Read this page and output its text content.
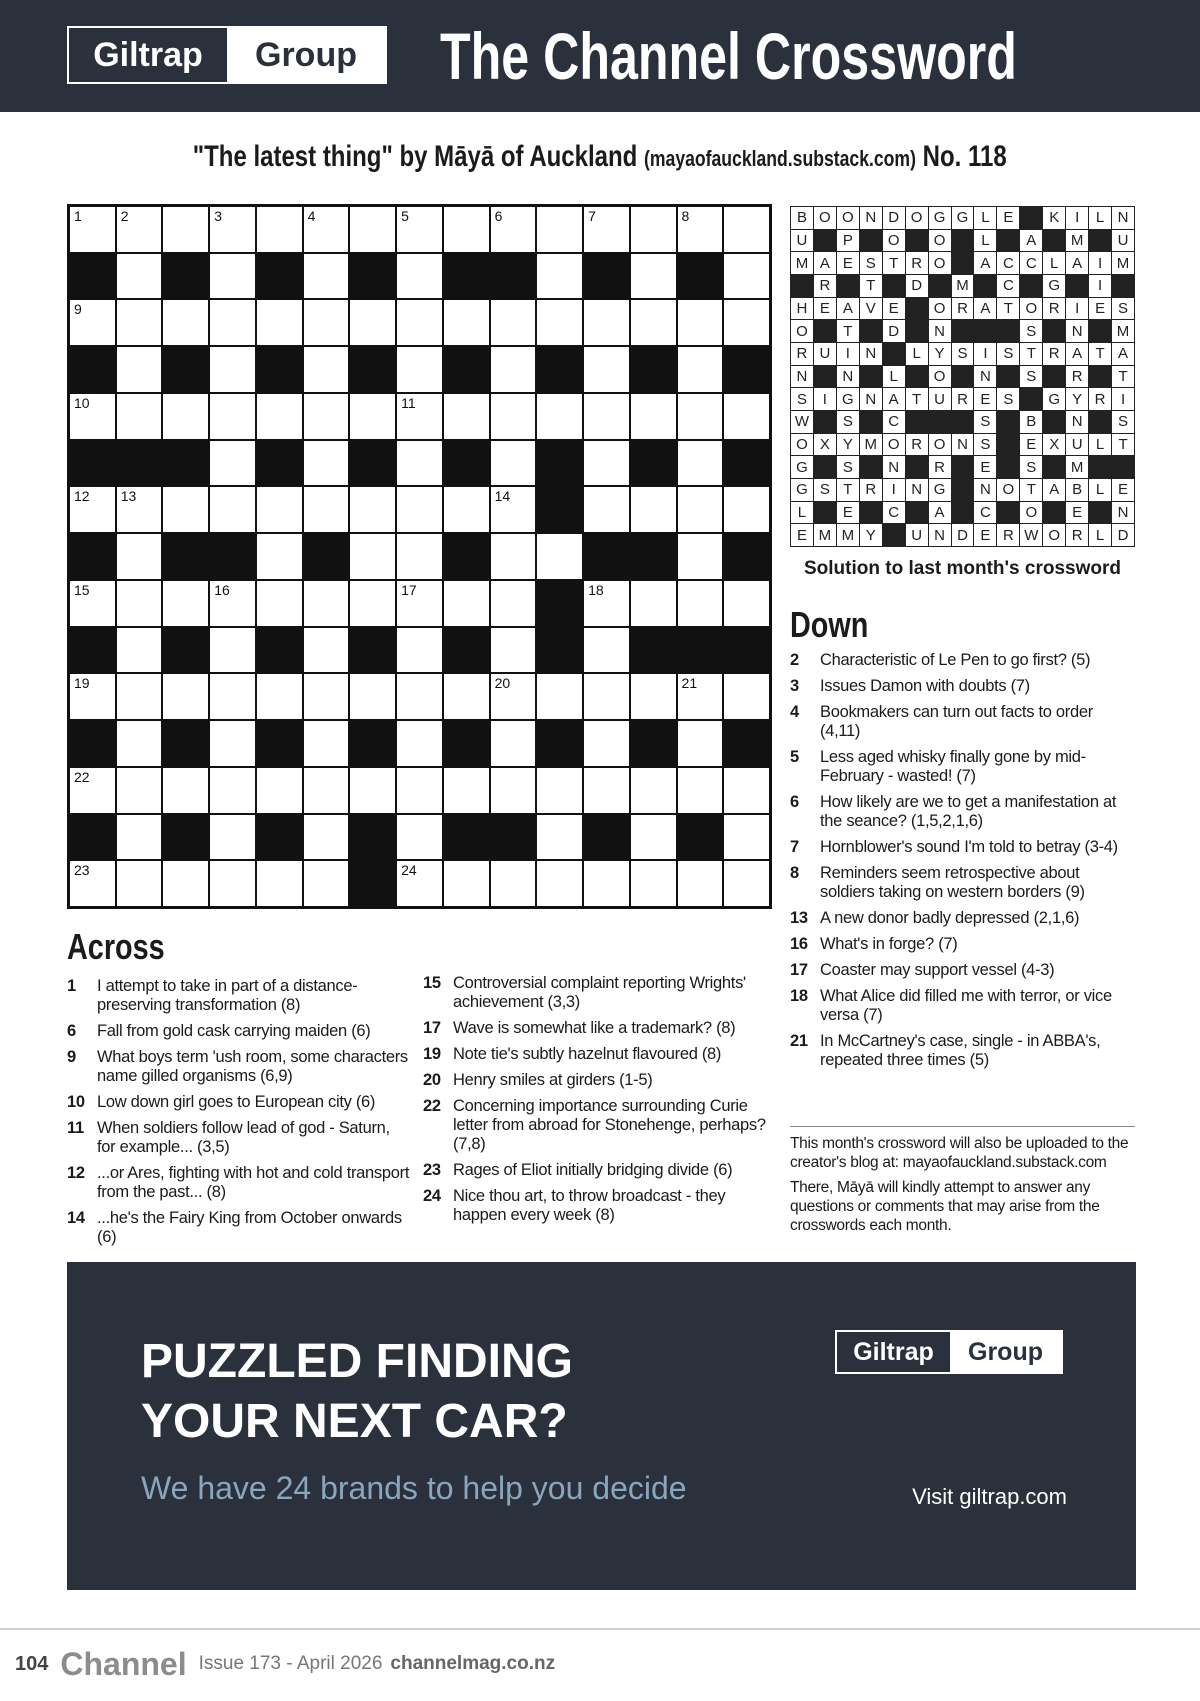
Giltrap	Group	The Channel Crossword
"The latest thing" by Māyā of Auckland (mayaofauckland.substack.com) No. 118
1	2	3	4	5	6	7	8
9
10	11
12 13	14
15	16	17	18
19	20	21
22
23	24
B O O N D O G G L E	K	I	L N
U	P	O	O	L	A	M	U
M A E S T R O	A C C L A	I M
R	T	D	M	C	G	I
H E A V E	O R A T O R	I	E S
O	T	D	N	S	N	M
R U	I	N	L Y S	I	S T R A T A
N	N	L	O	N	S	R	T
S	I	G N A T U R E S	G Y R	I
W	S	C	S	B	N	S
O X Y M O R O N S	E X U L T
G	S	N	R	E	S	M
G S T R	I	N G	N O T A B L E
L	E	C	A	C	O	E	N
E M M Y	U N D E R W O R L D
Solution to last month's crossword
Down
2	Characteristic of Le Pen to go first? (5)
3	Issues Damon with doubts (7)
4	Bookmakers can turn out facts to order (4,11)
5	Less aged whisky finally gone by mid-February - wasted! (7)
6	How likely are we to get a manifestation at the seance? (1,5,2,1,6)
7	Hornblower's sound I'm told to betray (3-4)
8	Reminders seem retrospective about soldiers taking on western borders (9)
13 A new donor badly depressed (2,1,6)
16 What's in forge? (7)
17 Coaster may support vessel (4-3)
18 What Alice did filled me with terror, or vice versa (7)
21 In McCartney's case, single - in ABBA's, repeated three times (5)
Across
1	I attempt to take in part of a distance-preserving transformation (8)
6	Fall from gold cask carrying maiden (6)
9	What boys term 'ush room, some characters name gilled organisms (6,9)
10 Low down girl goes to European city (6)
11 When soldiers follow lead of god - Saturn, for example... (3,5)
12 ...or Ares, fighting with hot and cold transport from the past... (8)
14 ...he's the Fairy King from October onwards (6)
15 Controversial complaint reporting Wrights' achievement (3,3)
17 Wave is somewhat like a trademark? (8)
19 Note tie's subtly hazelnut flavoured (8)
20 Henry smiles at girders (1-5)
22 Concerning importance surrounding Curie letter from abroad for Stonehenge, perhaps? (7,8)
23 Rages of Eliot initially bridging divide (6)
24 Nice thou art, to throw broadcast - they happen every week (8)

This month's crossword will also be uploaded to the creator's blog at: mayaofauckland.substack.com

There, Māyā will kindly attempt to answer any questions or comments that may arise from the crosswords each month.

PUZZLED FINDING
YOUR NEXT CAR?
We have 24 brands to help you decide
Giltrap	Group
Visit giltrap.com
104 Channel Issue 173 - April 2026 channelmag.co.nz
